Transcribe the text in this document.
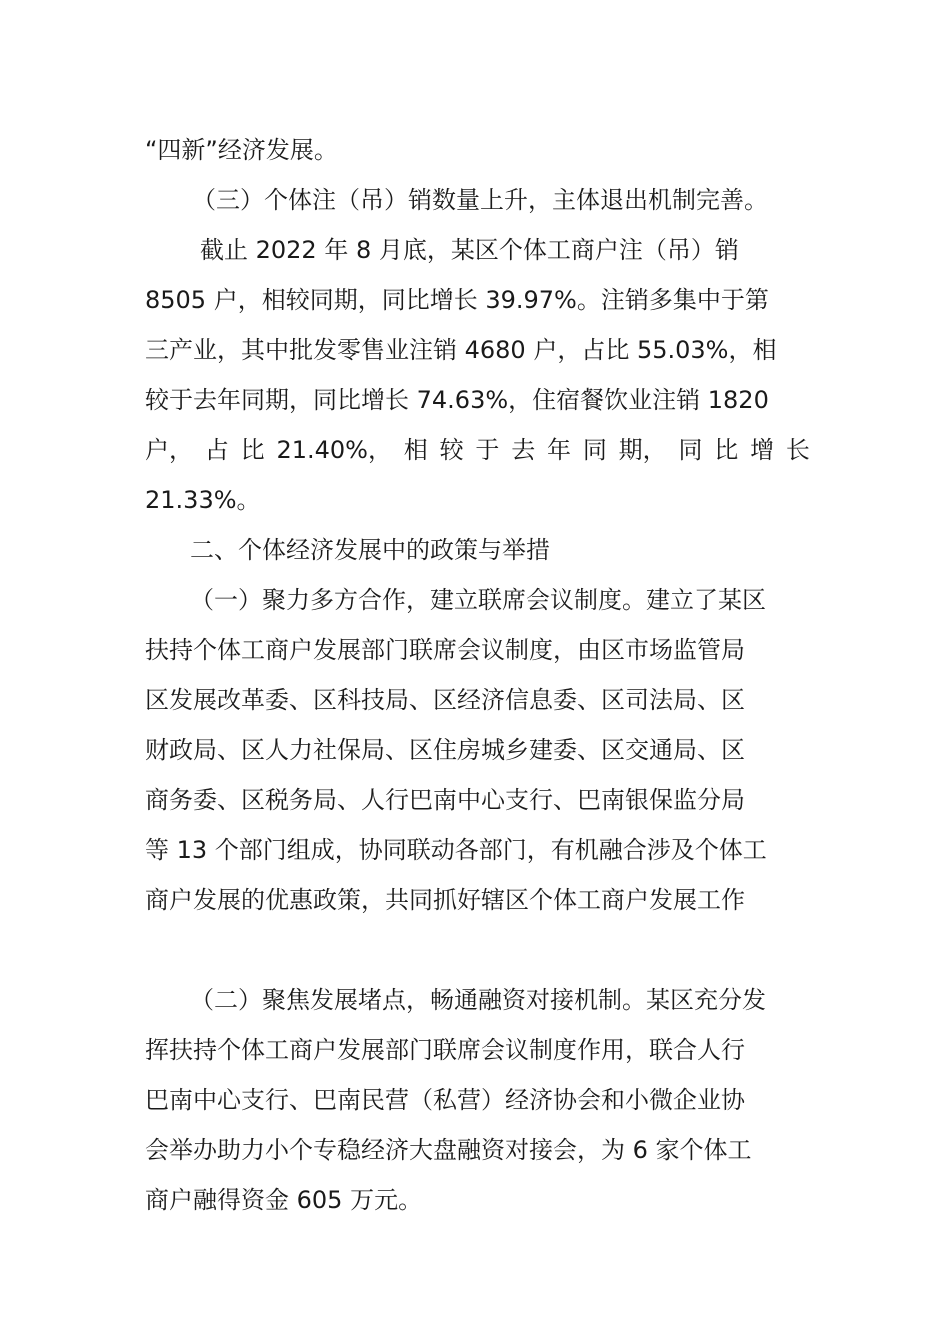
“四新”经济发展。
（三）个体注（吊）销数量上升，主体退出机制完善。
截止 2022 年 8 月底，某区个体工商户注（吊）销
8505 户，相较同期，同比增长 39.97%。注销多集中于第
三产业，其中批发零售业注销 4680 户，占比 55.03%，相
较于去年同期，同比增长 74.63%，住宿餐饮业注销 1820
户， 占 比 21.40%， 相 较 于 去 年 同 期， 同 比 增 长
21.33%。
二、个体经济发展中的政策与举措
（一）聚力多方合作，建立联席会议制度。建立了某区
扶持个体工商户发展部门联席会议制度，由区市场监管局
区发展改革委、区科技局、区经济信息委、区司法局、区
财政局、区人力社保局、区住房城乡建委、区交通局、区
商务委、区税务局、人行巴南中心支行、巴南银保监分局
等 13 个部门组成，协同联动各部门，有机融合涉及个体工
商户发展的优惠政策，共同抓好辖区个体工商户发展工作
（二）聚焦发展堵点，畅通融资对接机制。某区充分发
挥扶持个体工商户发展部门联席会议制度作用，联合人行
巴南中心支行、巴南民营（私营）经济协会和小微企业协
会举办助力小个专稳经济大盘融资对接会，为 6 家个体工
商户融得资金 605 万元。
